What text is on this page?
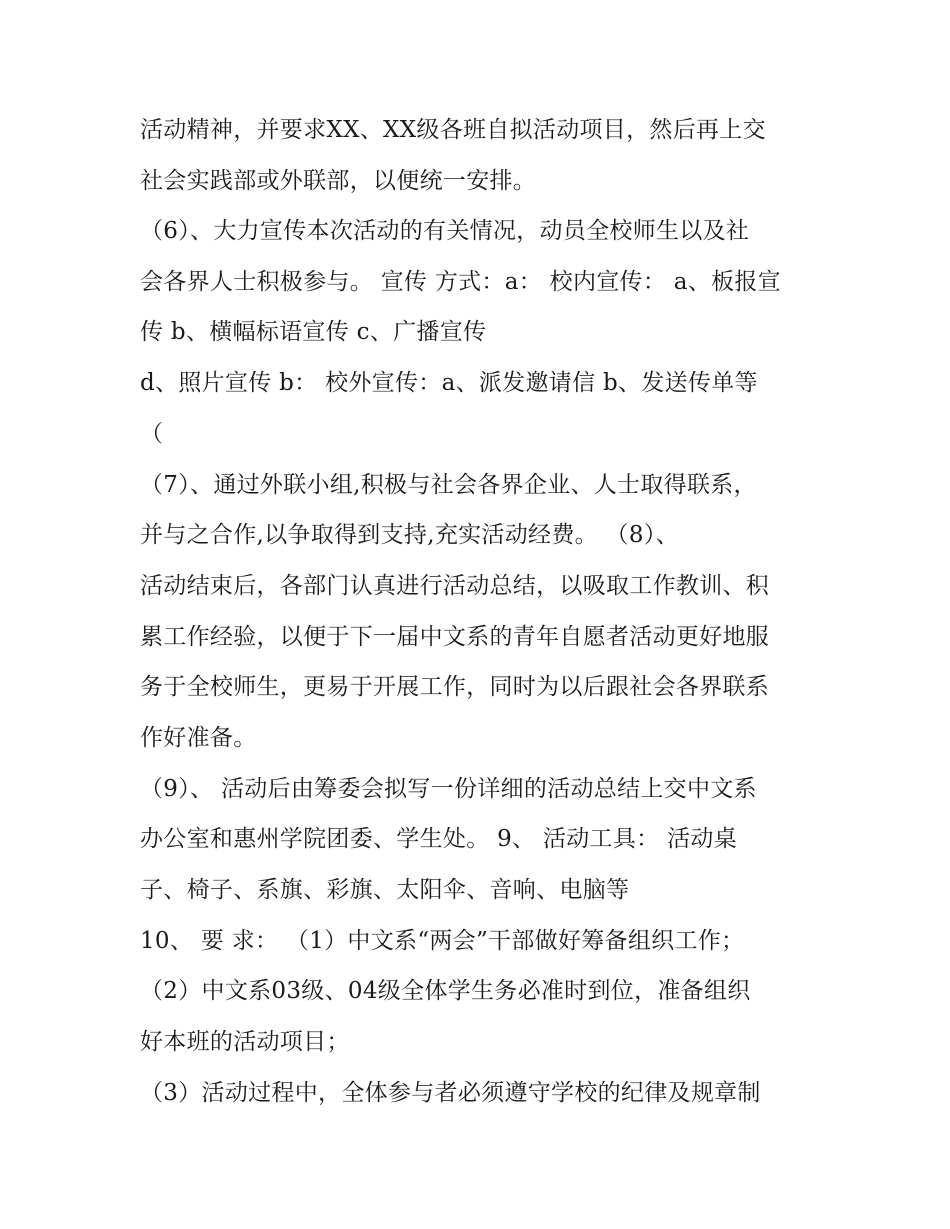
活动精神，并要求XX、XX级各班自拟活动项目，然后再上交
社会实践部或外联部，以便统一安排。
（6）、大力宣传本次活动的有关情况，动员全校师生以及社
会各界人士积极参与。 宣传 方式：a： 校内宣传： a、板报宣
传 b、横幅标语宣传 c、广播宣传
d、照片宣传 b： 校外宣传：a、派发邀请信 b、发送传单等
（
（7）、通过外联小组,积极与社会各界企业、人士取得联系，
并与之合作,以争取得到支持,充实活动经费。 （8）、
活动结束后，各部门认真进行活动总结，以吸取工作教训、积
累工作经验，以便于下一届中文系的青年自愿者活动更好地服
务于全校师生，更易于开展工作，同时为以后跟社会各界联系
作好准备。
（9）、 活动后由筹委会拟写一份详细的活动总结上交中文系
办公室和惠州学院团委、学生处。 9、 活动工具： 活动桌
子、椅子、系旗、彩旗、太阳伞、音响、电脑等
10、 要 求： （1）中文系“两会”干部做好筹备组织工作；
（2）中文系03级、04级全体学生务必准时到位，准备组织
好本班的活动项目；
（3）活动过程中，全体参与者必须遵守学校的纪律及规章制
